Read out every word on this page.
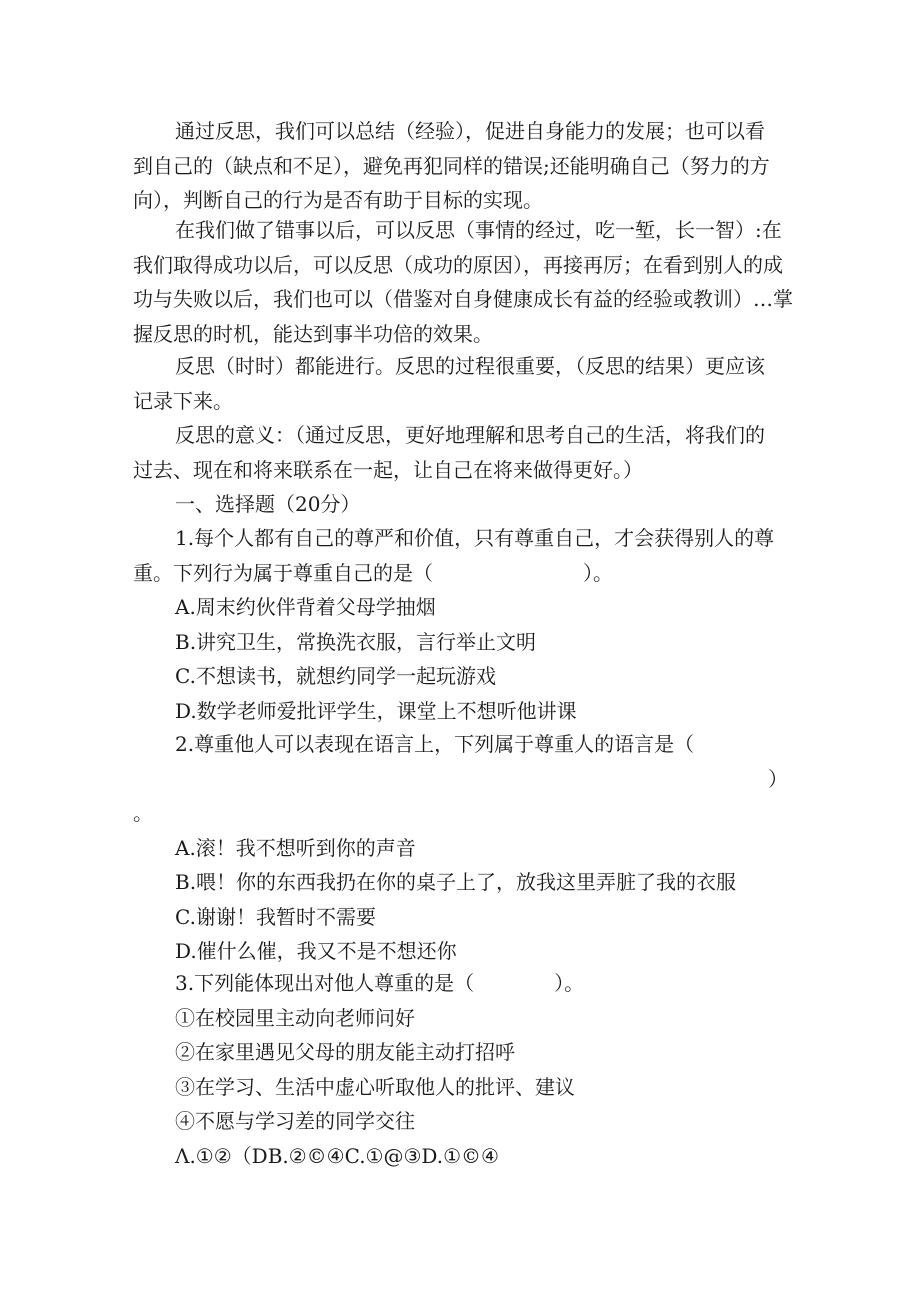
通过反思，我们可以总结（经验），促进自身能力的发展；也可以看
到自己的（缺点和不足），避免再犯同样的错误;还能明确自己（努力的方
向），判断自己的行为是否有助于目标的实现。
在我们做了错事以后，可以反思（事情的经过，吃一堑，长一智）:在
我们取得成功以后，可以反思（成功的原因），再接再厉；在看到别人的成
功与失败以后，我们也可以（借鉴对自身健康成长有益的经验或教训）…掌
握反思的时机，能达到事半功倍的效果。
反思（时时）都能进行。反思的过程很重要，（反思的结果）更应该
记录下来。
反思的意义：（通过反思，更好地理解和思考自己的生活，将我们的
过去、现在和将来联系在一起，让自己在将来做得更好。）
一、选择题（20分）
1.每个人都有自己的尊严和价值，只有尊重自己，才会获得别人的尊
重。下列行为属于尊重自己的是（	）。
A.周末约伙伴背着父母学抽烟
B.讲究卫生，常换洗衣服，言行举止文明
C.不想读书，就想约同学一起玩游戏
D.数学老师爱批评学生，课堂上不想听他讲课
2.尊重他人可以表现在语言上，下列属于尊重人的语言是（
）
。
A.滚！我不想听到你的声音
B.喂！你的东西我扔在你的桌子上了，放我这里弄脏了我的衣服
C.谢谢！我暂时不需要
D.催什么催，我又不是不想还你
3.下列能体现出对他人尊重的是（	）。
①在校园里主动向老师问好
②在家里遇见父母的朋友能主动打招呼
③在学习、生活中虚心听取他人的批评、建议
④不愿与学习差的同学交往
Λ.①②（DB.②©④C.①@③D.①©④
